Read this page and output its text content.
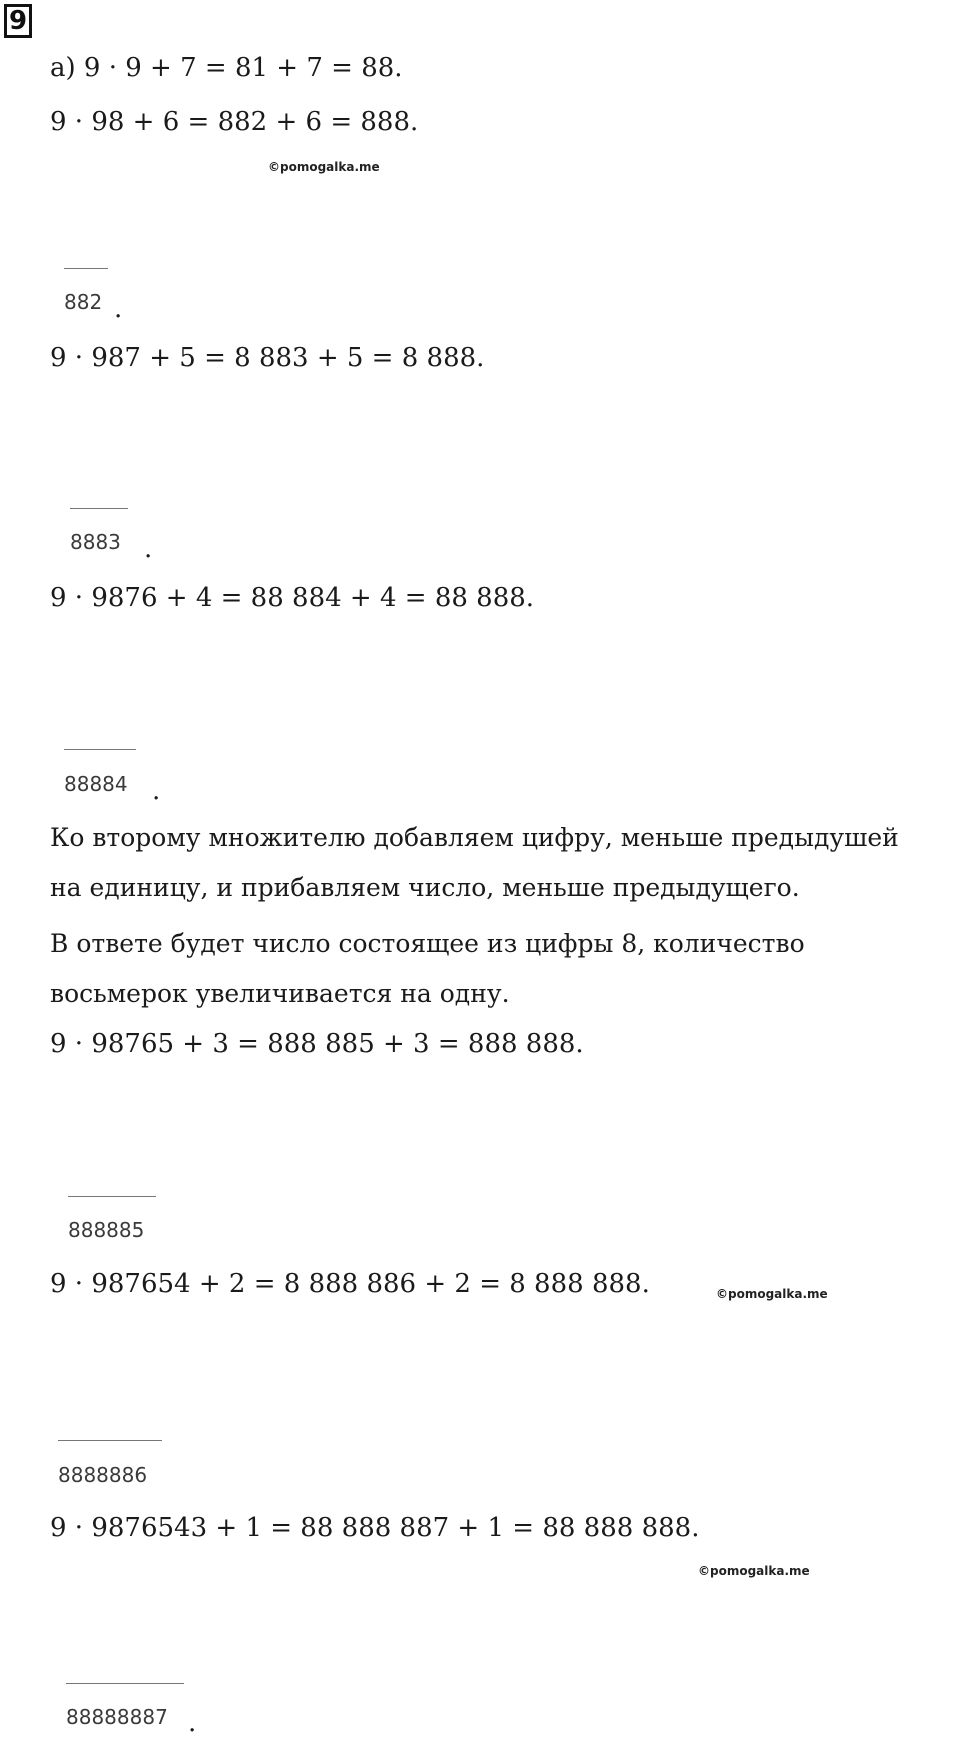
9
а) 9 · 9 + 7 = 81 + 7 = 88.
9 · 98 + 6 = 882 + 6 = 888.
©pomogalka.me
882 .
9 · 987 + 5 = 8 883 + 5 = 8 888.
8883 .
9 · 9876 + 4 = 88 884 + 4 = 88 888.
88884 .
Ко второму множителю добавляем цифру, меньше предыдушей
на единицу, и прибавляем число, меньше предыдущего.
В ответе будет число состоящее из цифры 8, количество
восьмерок увеличивается на одну.
9 · 98765 + 3 = 888 885 + 3 = 888 888.
888885
9 · 987654 + 2 = 8 888 886 + 2 = 8 888 888.	©pomogalka.me
8888886
9 · 9876543 + 1 = 88 888 887 + 1 = 88 888 888.
©pomogalka.me
88888887 .
